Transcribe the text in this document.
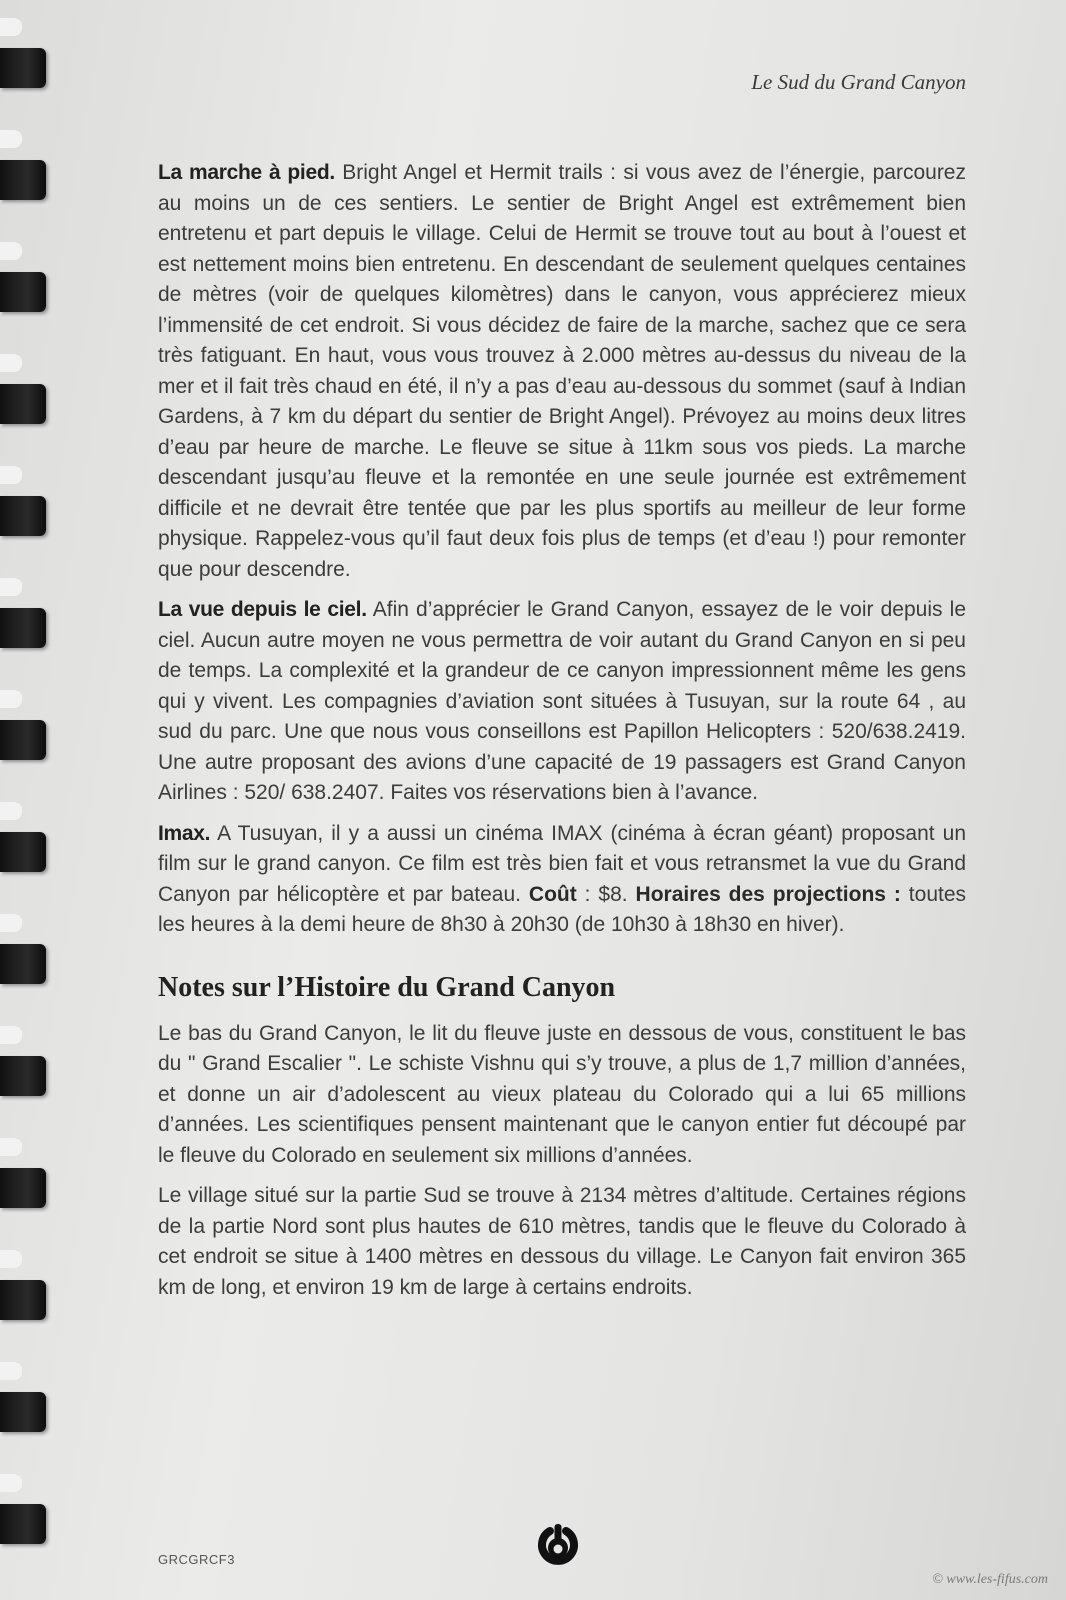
Le Sud du Grand Canyon

La marche à pied. Bright Angel et Hermit trails : si vous avez de l’énergie, parcourez au moins un de ces sentiers. Le sentier de Bright Angel est extrêmement bien entretenu et part depuis le village. Celui de Hermit se trouve tout au bout à l’ouest et est nettement moins bien entretenu. En descendant de seulement quelques centaines de mètres (voir de quelques kilomètres) dans le canyon, vous apprécierez mieux l’immensité de cet endroit. Si vous décidez de faire de la marche, sachez que ce sera très fatiguant. En haut, vous vous trouvez à 2.000 mètres au-dessus du niveau de la mer et il fait très chaud en été, il n’y a pas d’eau au-dessous du sommet (sauf à Indian Gardens, à 7 km du départ du sentier de Bright Angel). Prévoyez au moins deux litres d’eau par heure de marche. Le fleuve se situe à 11km sous vos pieds. La marche descendant jusqu’au fleuve et la remontée en une seule journée est extrêmement difficile et ne devrait être tentée que par les plus sportifs au meilleur de leur forme physique. Rappelez-vous qu’il faut deux fois plus de temps (et d’eau !) pour remonter que pour descendre.

La vue depuis le ciel. Afin d’apprécier le Grand Canyon, essayez de le voir depuis le ciel. Aucun autre moyen ne vous permettra de voir autant du Grand Canyon en si peu de temps. La complexité et la grandeur de ce canyon impressionnent même les gens qui y vivent. Les compagnies d’aviation sont situées à Tusuyan, sur la route 64 , au sud du parc. Une que nous vous conseillons est Papillon Helicopters : 520/638.2419. Une autre proposant des avions d’une capacité de 19 passagers est Grand Canyon Airlines : 520/ 638.2407. Faites vos réservations bien à l’avance.

Imax. A Tusuyan, il y a aussi un cinéma IMAX (cinéma à écran géant) proposant un film sur le grand canyon. Ce film est très bien fait et vous retransmet la vue du Grand Canyon par hélicoptère et par bateau. Coût : $8. Horaires des projections : toutes les heures à la demi heure de 8h30 à 20h30 (de 10h30 à 18h30 en hiver).

Notes sur l’Histoire du Grand Canyon

Le bas du Grand Canyon, le lit du fleuve juste en dessous de vous, constituent le bas du " Grand Escalier ". Le schiste Vishnu qui s’y trouve, a plus de 1,7 million d’années, et donne un air d’adolescent au vieux plateau du Colorado qui a lui 65 millions d’années. Les scientifiques pensent maintenant que le canyon entier fut découpé par le fleuve du Colorado en seulement six millions d’années.

Le village situé sur la partie Sud se trouve à 2134 mètres d’altitude. Certaines régions de la partie Nord sont plus hautes de 610 mètres, tandis que le fleuve du Colorado à cet endroit se situe à 1400 mètres en dessous du village. Le Canyon fait environ 365 km de long, et environ 19 km de large à certains endroits.

GRCGRCF3
© www.les-fifus.com
